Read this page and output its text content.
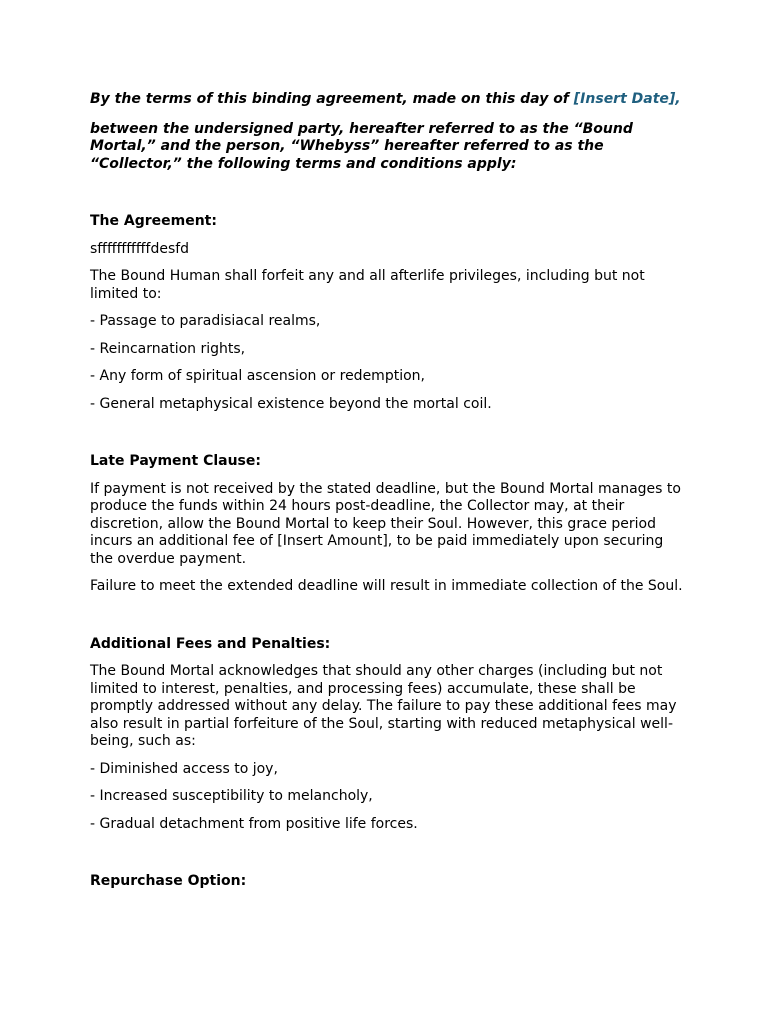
By the terms of this binding agreement, made on this day of [Insert Date],

between the undersigned party, hereafter referred to as the “Bound Mortal,” and the person, “Whebyss” hereafter referred to as the “Collector,” the following terms and conditions apply:

The Agreement:

sfffffffffffdesfd

The Bound Human shall forfeit any and all afterlife privileges, including but not limited to:

- Passage to paradisiacal realms,

- Reincarnation rights,

- Any form of spiritual ascension or redemption,

- General metaphysical existence beyond the mortal coil.

Late Payment Clause:

If payment is not received by the stated deadline, but the Bound Mortal manages to produce the funds within 24 hours post-deadline, the Collector may, at their discretion, allow the Bound Mortal to keep their Soul. However, this grace period incurs an additional fee of [Insert Amount], to be paid immediately upon securing the overdue payment.

Failure to meet the extended deadline will result in immediate collection of the Soul.

Additional Fees and Penalties:

The Bound Mortal acknowledges that should any other charges (including but not limited to interest, penalties, and processing fees) accumulate, these shall be promptly addressed without any delay. The failure to pay these additional fees may also result in partial forfeiture of the Soul, starting with reduced metaphysical well-being, such as:

- Diminished access to joy,

- Increased susceptibility to melancholy,

- Gradual detachment from positive life forces.

Repurchase Option:
